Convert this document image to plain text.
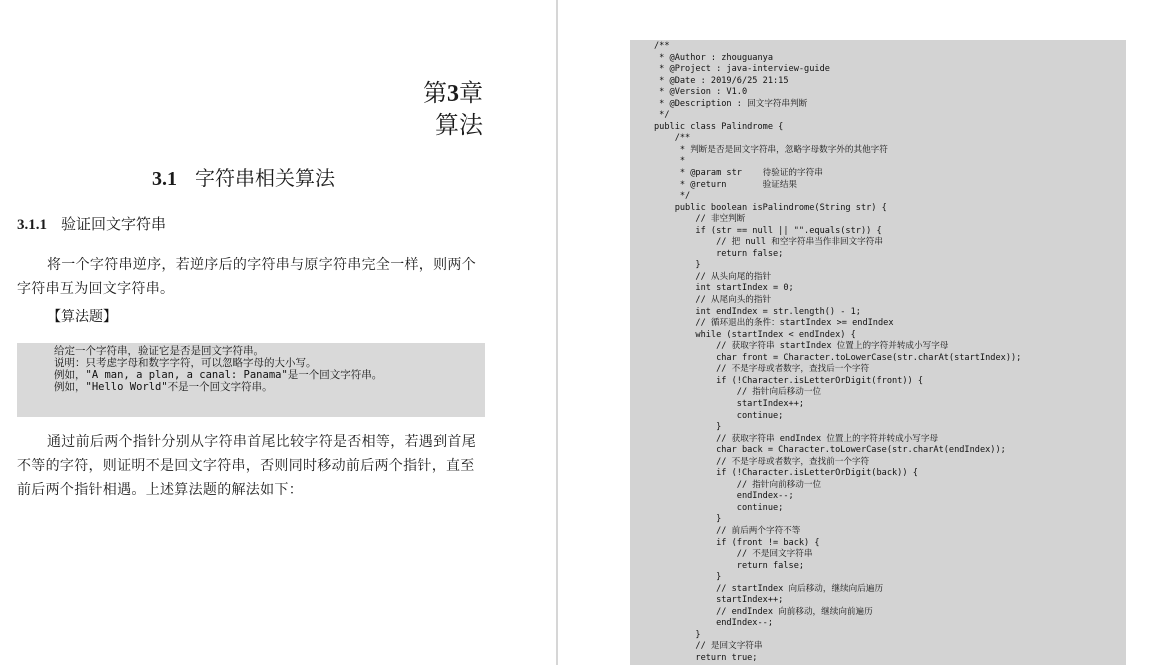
第3章
算法
3.1 字符串相关算法
3.1.1 验证回文字符串
将一个字符串逆序，若逆序后的字符串与原字符串完全一样，则两个字符串互为回文字符串。
【算法题】
给定一个字符串，验证它是否是回文字符串。
说明：只考虑字母和数字字符，可以忽略字母的大小写。
例如，"A man, a plan, a canal: Panama"是一个回文字符串。
例如，"Hello World"不是一个回文字符串。
通过前后两个指针分别从字符串首尾比较字符是否相等，若遇到首尾不等的字符，则证明不是回文字符串，否则同时移动前后两个指针，直至前后两个指针相遇。上述算法题的解法如下：
/**
* @Author : zhouguanya
* @Project : java-interview-guide
* @Date : 2019/6/25 21:15
* @Version : V1.0
* @Description : 回文字符串判断
*/
public class Palindrome {
/**
* 判断是否是回文字符串，忽略字母数字外的其他字符
*
* @param str    待验证的字符串
* @return       验证结果
*/
public boolean isPalindrome(String str) {
// 非空判断
if (str == null || "".equals(str)) {
// 把 null 和空字符串当作非回文字符串
return false;
}
// 从头向尾的指针
int startIndex = 0;
// 从尾向头的指针
int endIndex = str.length() - 1;
// 循环退出的条件：startIndex >= endIndex
while (startIndex < endIndex) {
// 获取字符串 startIndex 位置上的字符并转成小写字母
char front = Character.toLowerCase(str.charAt(startIndex));
// 不是字母或者数字，查找后一个字符
if (!Character.isLetterOrDigit(front)) {
// 指针向后移动一位
startIndex++;
continue;
}
// 获取字符串 endIndex 位置上的字符并转成小写字母
char back = Character.toLowerCase(str.charAt(endIndex));
// 不是字母或者数字，查找前一个字符
if (!Character.isLetterOrDigit(back)) {
// 指针向前移动一位
endIndex--;
continue;
}
// 前后两个字符不等
if (front != back) {
// 不是回文字符串
return false;
}
// startIndex 向后移动，继续向后遍历
startIndex++;
// endIndex 向前移动，继续向前遍历
endIndex--;
}
// 是回文字符串
return true;
